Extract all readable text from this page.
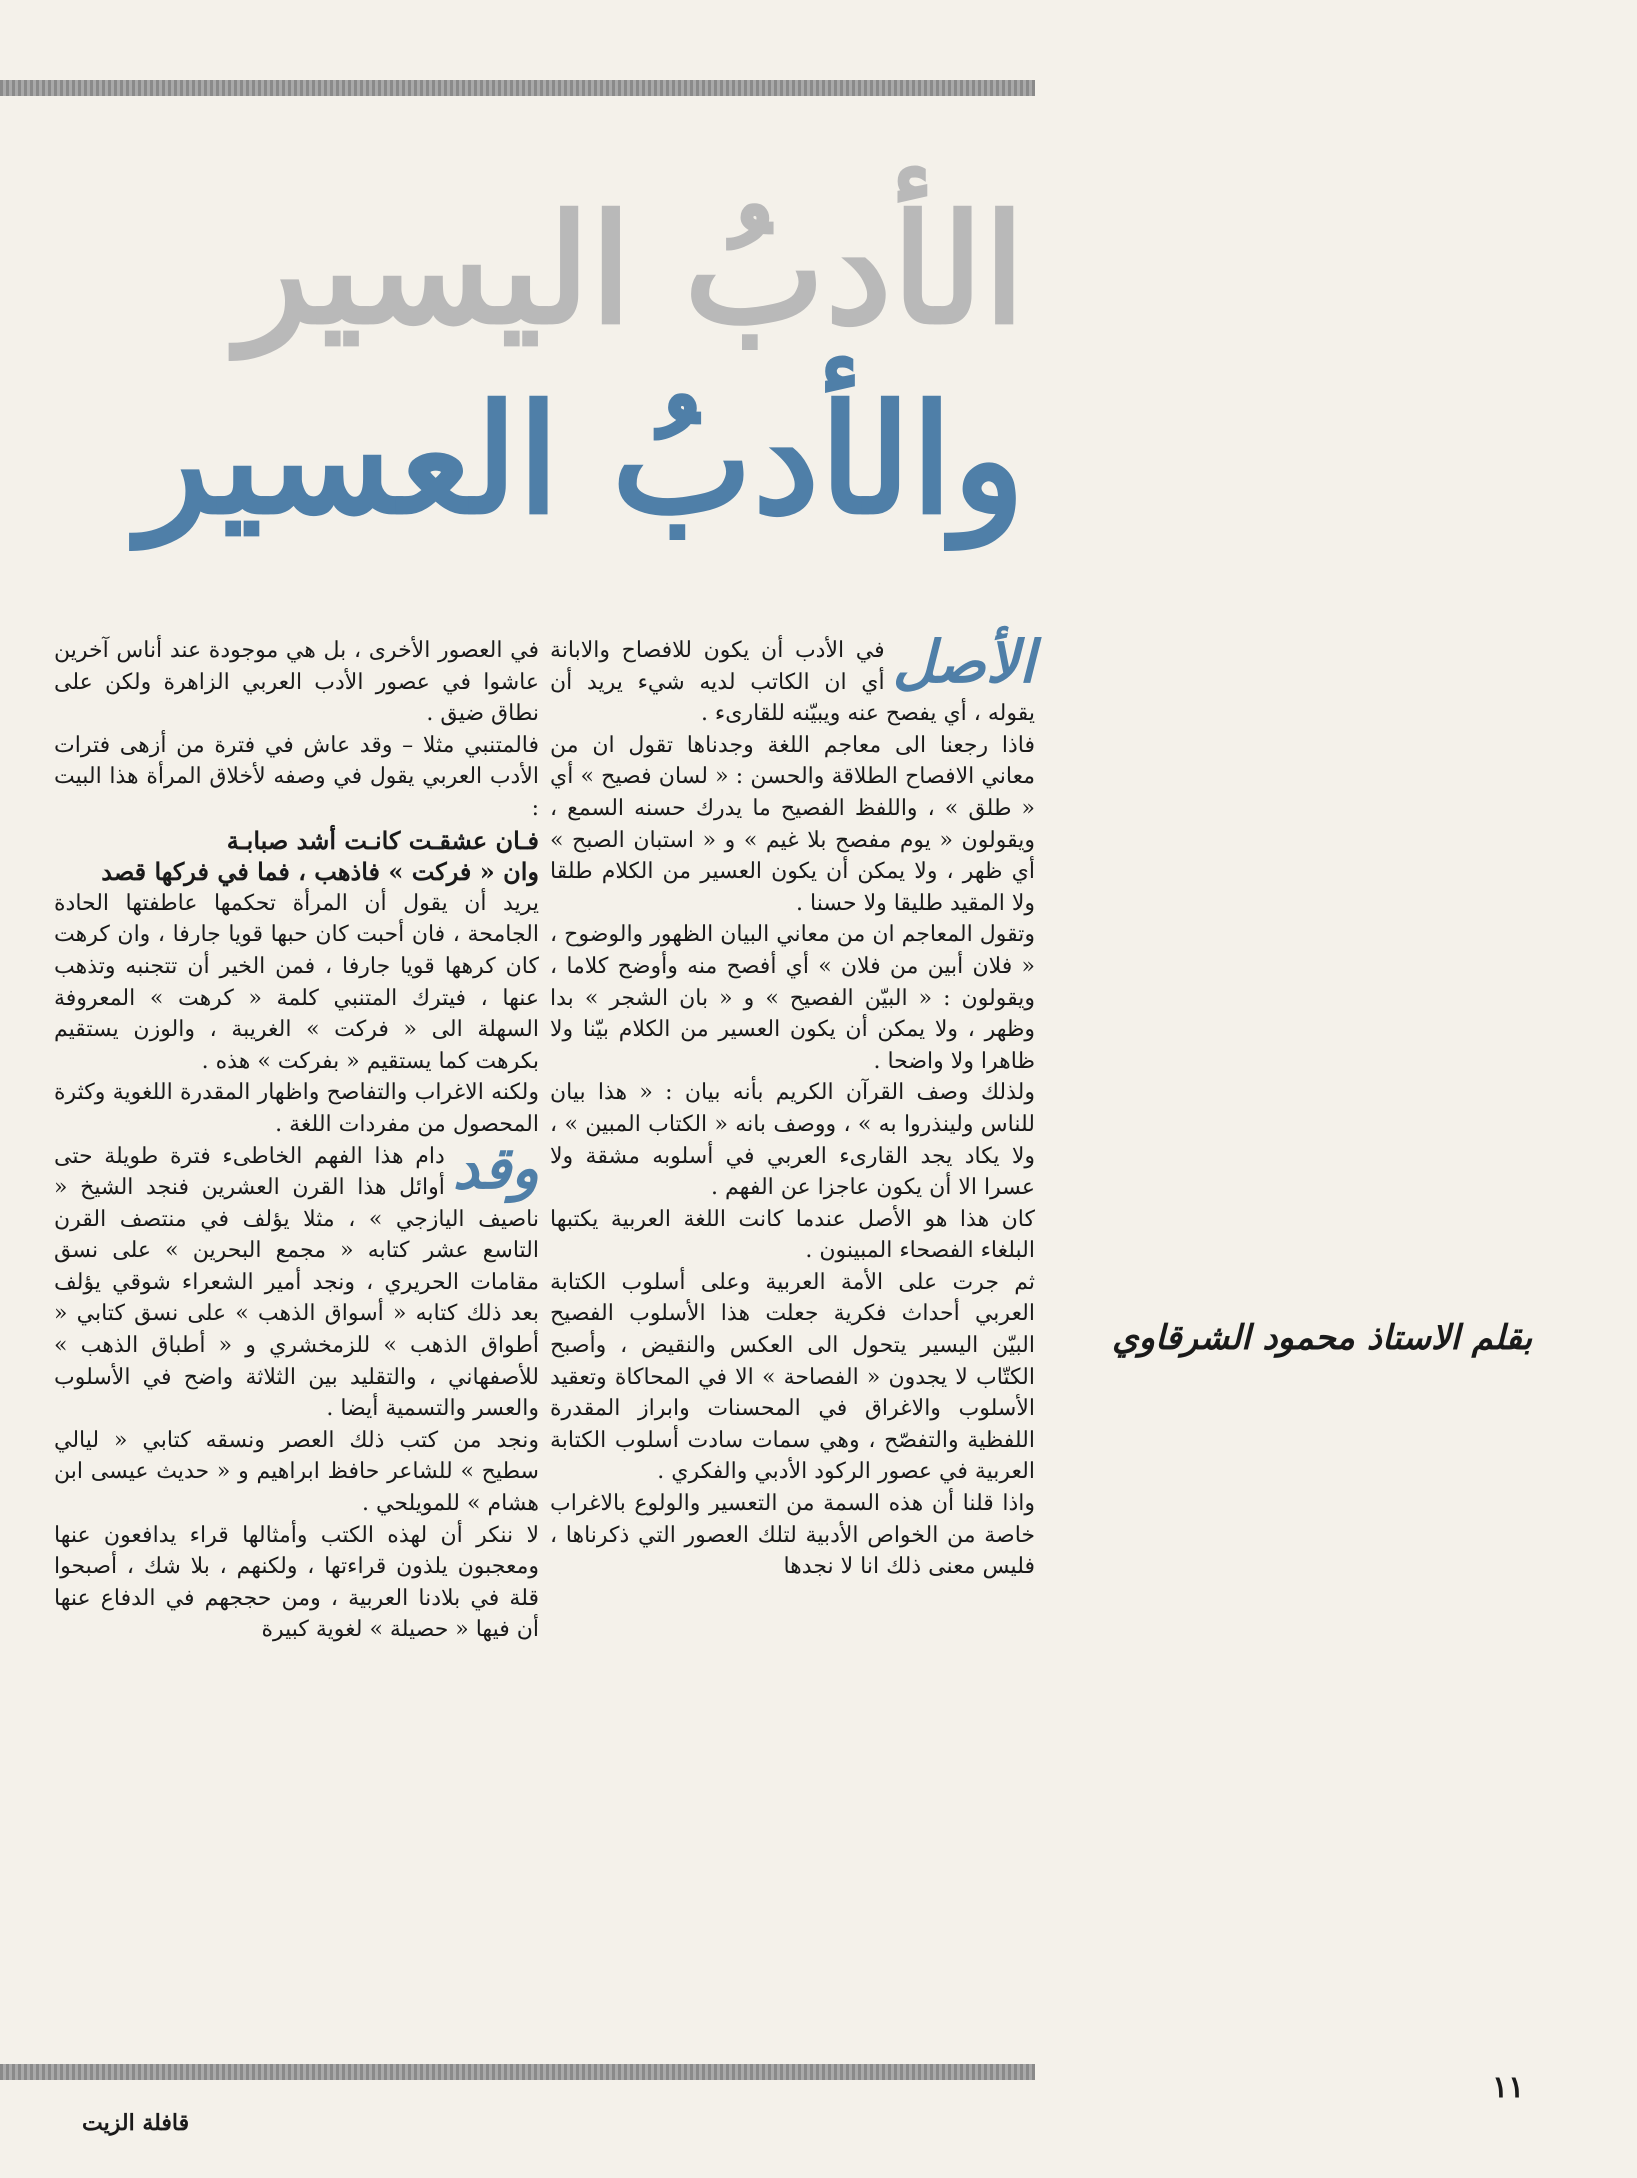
الأدبُ اليسير
والأدبُ العسير
الأصل

في الأدب أن يكون للافصاح والابانة أي ان الكاتب لديه شيء يريد أن يقوله ، أي يفصح عنه ويبيّنه للقارىء .

فاذا رجعنا الى معاجم اللغة وجدناها تقول ان من معاني الافصاح الطلاقة والحسن : « لسان فصيح » أي « طلق » ، واللفظ الفصيح ما يدرك حسنه السمع ، ويقولون « يوم مفصح بلا غيم » و « استبان الصبح » أي ظهر ، ولا يمكن أن يكون العسير من الكلام طلقا ولا المقيد طليقا ولا حسنا .

وتقول المعاجم ان من معاني البيان الظهور والوضوح ، « فلان أبين من فلان » أي أفصح منه وأوضح كلاما ، ويقولون : « البيّن الفصيح » و « بان الشجر » بدا وظهر ، ولا يمكن أن يكون العسير من الكلام بيّنا ولا ظاهرا ولا واضحا .

ولذلك وصف القرآن الكريم بأنه بيان : « هذا بيان للناس ولينذروا به » ، ووصف بانه « الكتاب المبين » ، ولا يكاد يجد القارىء العربي في أسلوبه مشقة ولا عسرا الا أن يكون عاجزا عن الفهم .

كان هذا هو الأصل عندما كانت اللغة العربية يكتبها البلغاء الفصحاء المبينون .

ثم جرت على الأمة العربية وعلى أسلوب الكتابة العربي أحداث فكرية جعلت هذا الأسلوب الفصيح البيّن اليسير يتحول الى العكس والنقيض ، وأصبح الكتّاب لا يجدون « الفصاحة » الا في المحاكاة وتعقيد الأسلوب والاغراق في المحسنات وابراز المقدرة اللفظية والتفصّح ، وهي سمات سادت أسلوب الكتابة العربية في عصور الركود الأدبي والفكري .

واذا قلنا أن هذه السمة من التعسير والولوع بالاغراب خاصة من الخواص الأدبية لتلك العصور التي ذكرناها ، فليس معنى ذلك انا لا نجدها

في العصور الأخرى ، بل هي موجودة عند أناس آخرين عاشوا في عصور الأدب العربي الزاهرة ولكن على نطاق ضيق .

فالمتنبي مثلا – وقد عاش في فترة من أزهى فترات الأدب العربي يقول في وصفه لأخلاق المرأة هذا البيت :

فـان عشقـت كانـت أشد صبابـة

وان « فركت » فاذهب ، فما في فركها قصد

يريد أن يقول أن المرأة تحكمها عاطفتها الحادة الجامحة ، فان أحبت كان حبها قويا جارفا ، وان كرهت كان كرهها قويا جارفا ، فمن الخير أن تتجنبه وتذهب عنها ، فيترك المتنبي كلمة « كرهت » المعروفة السهلة الى « فركت » الغريبة ، والوزن يستقيم بكرهت كما يستقيم « بفركت » هذه .

ولكنه الاغراب والتفاصح واظهار المقدرة اللغوية وكثرة المحصول من مفردات اللغة .

وقد

دام هذا الفهم الخاطىء فترة طويلة حتى أوائل هذا القرن العشرين فنجد الشيخ « ناصيف اليازجي » ، مثلا يؤلف في منتصف القرن التاسع عشر كتابه « مجمع البحرين » على نسق مقامات الحريري ، ونجد أمير الشعراء شوقي يؤلف بعد ذلك كتابه « أسواق الذهب » على نسق كتابي « أطواق الذهب » للزمخشري و « أطباق الذهب » للأصفهاني ، والتقليد بين الثلاثة واضح في الأسلوب والعسر والتسمية أيضا .

ونجد من كتب ذلك العصر ونسقه كتابي « ليالي سطيح » للشاعر حافظ ابراهيم و « حديث عيسى ابن هشام » للمويلحي .

لا ننكر أن لهذه الكتب وأمثالها قراء يدافعون عنها ومعجبون يلذون قراءتها ، ولكنهم ، بلا شك ، أصبحوا قلة في بلادنا العربية ، ومن حججهم في الدفاع عنها أن فيها « حصيلة » لغوية كبيرة

بقلم الاستاذ محمود الشرقاوي
١١
قافلة الزيت
